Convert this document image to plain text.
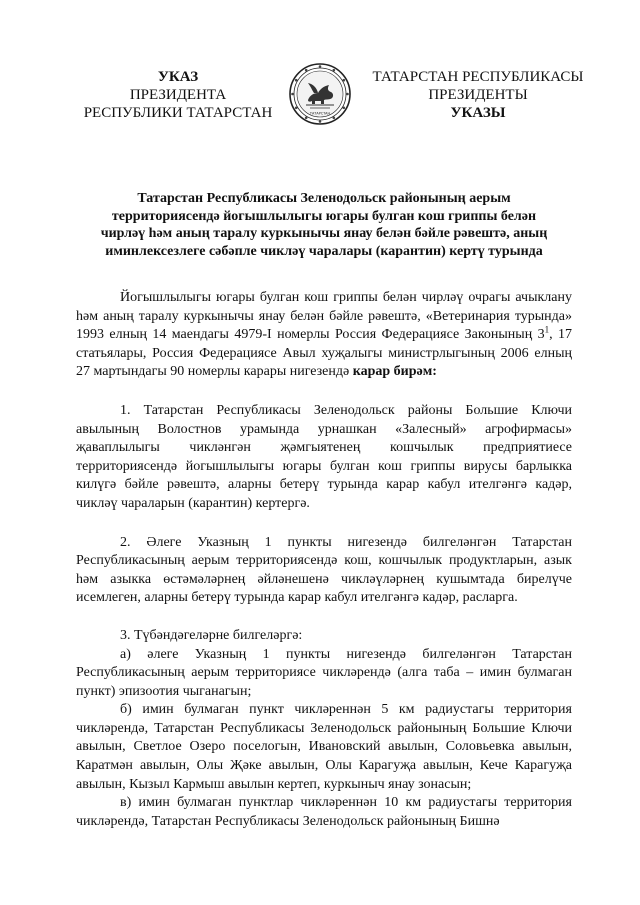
УКАЗ
ПРЕЗИДЕНТА
РЕСПУБЛИКИ ТАТАРСТАН	ТАТАРСТАН
ТАТАРСТАН РЕСПУБЛИКАСЫ
ПРЕЗИДЕНТЫ
УКАЗЫ
Татарстан Республикасы Зеленодольск районының аерым
территориясендә йогышлылыгы югары булган кош гриппы белән
чирләү һәм аның таралу куркынычы янау белән бәйле рәвештә, аның
иминлексезлеге сәбәпле чикләү чаралары (карантин) кертү турында

Йогышлылыгы югары булган кош гриппы белән чирләү очрагы ачыклану һәм аның таралу куркынычы янау белән бәйле рәвештә, «Ветеринария турында» 1993 елның 14 маендагы 4979-I номерлы Россия Федерациясе Законының $3^1$, 17 статьялары, Россия Федерациясе Авыл хуҗалыгы министрлыгының 2006 елның 27 мартындагы 90 номерлы карары нигезендә карар бирәм:

1. Татарстан Республикасы Зеленодольск районы Большие Ключи авылының Волостнов урамында урнашкан «Залесный» агрофирмасы» җаваплылыгы чикләнгән җәмгыятенең кошчылык предприятиесе территориясендә йогышлылыгы югары булган кош гриппы вирусы барлыкка килүгә бәйле рәвештә, аларны бетерү турында карар кабул ителгәнгә кадәр, чикләү чараларын (карантин) кертергә.

2. Әлеге Указның 1 пункты нигезендә билгеләнгән Татарстан Республикасының аерым территориясендә кош, кошчылык продуктларын, азык һәм азыкка өстәмәләрнең әйләнешенә чикләүләрнең кушымтада бирелүче исемлеген, аларны бетерү турында карар кабул ителгәнгә кадәр, расларга.

3. Түбәндәгеләрне билгеләргә:

а) әлеге Указның 1 пункты нигезендә билгеләнгән Татарстан Республикасының аерым территориясе чикләрендә (алга таба – имин булмаган пункт) эпизоотия чыганагын;

б) имин булмаган пункт чикләреннән 5 км радиустагы территория чикләрендә, Татарстан Республикасы Зеленодольск районының Большие Ключи авылын, Светлое Озеро поселогын, Ивановский авылын, Соловьевка авылын, Каратмән авылын, Олы Җәке авылын, Олы Карагуҗа авылын, Кече Карагуҗа авылын, Кызыл Кармыш авылын кертеп, куркыныч янау зонасын;

в) имин булмаган пунктлар чикләреннән 10 км радиустагы территория чикләрендә, Татарстан Республикасы Зеленодольск районының Бишнә
